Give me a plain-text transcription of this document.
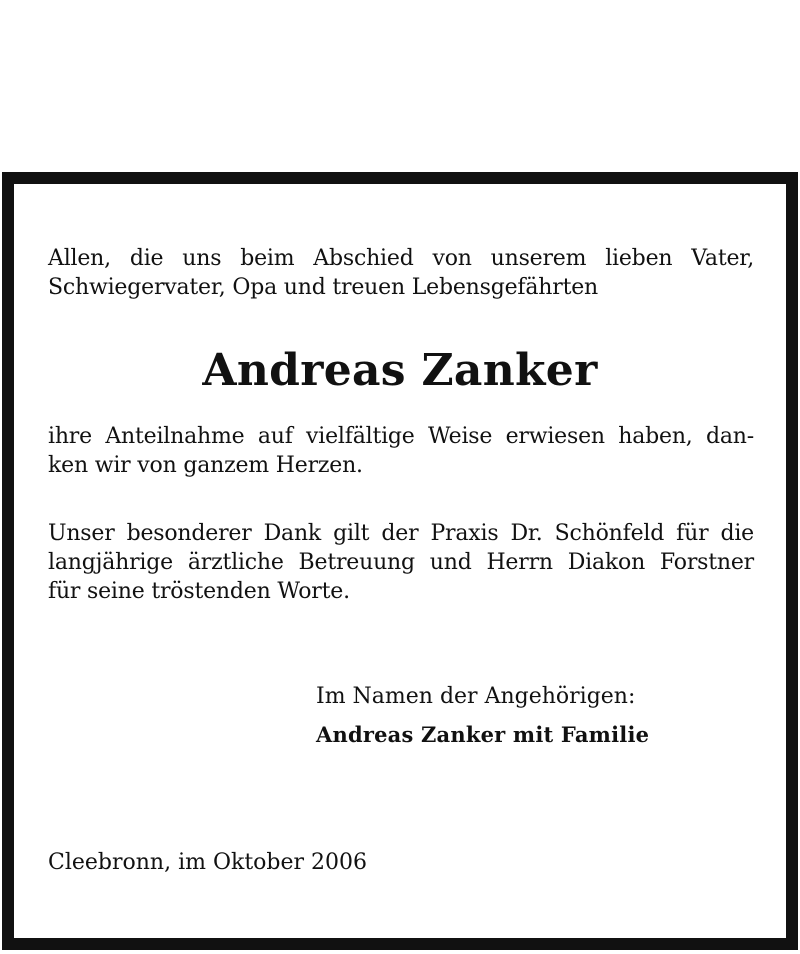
Allen, die uns beim Abschied von unserem lieben Vater,
Schwiegervater, Opa und treuen Lebensgefährten

Andreas Zanker

ihre Anteilnahme auf vielfältige Weise erwiesen haben, dan-
ken wir von ganzem Herzen.

Unser besonderer Dank gilt der Praxis Dr. Schönfeld für die
langjährige ärztliche Betreuung und Herrn Diakon Forstner
für seine tröstenden Worte.

Im Namen der Angehörigen:
Andreas Zanker mit Familie
Cleebronn, im Oktober 2006
